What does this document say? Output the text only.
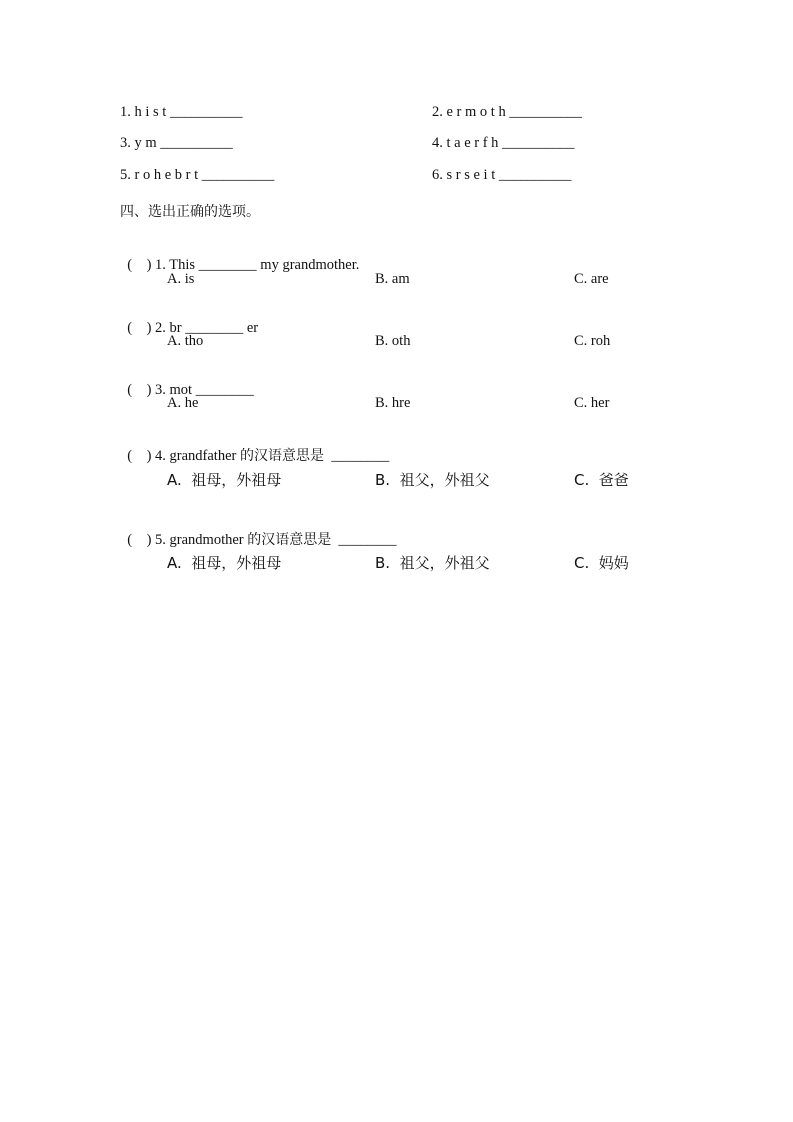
1. h i s t __________	2. e r m o t h __________
3. y m __________	4. t a e r f h __________
5. r o h e b r t __________	6. s r s e i t __________
四、选出正确的选项。

(    ) 1. This ________ my grandmother.

A. is	B. am	C. are

(    ) 2. br ________ er

A. tho	B. oth	C. roh

(    ) 3. mot ________

A. he	B. hre	C. her

(    ) 4. grandfather 的汉语意思是  ________

A.  祖母，外祖母	B.  祖父，外祖父	C.  爸爸

(    ) 5. grandmother 的汉语意思是  ________

A.  祖母，外祖母	B.  祖父，外祖父	C.  妈妈
